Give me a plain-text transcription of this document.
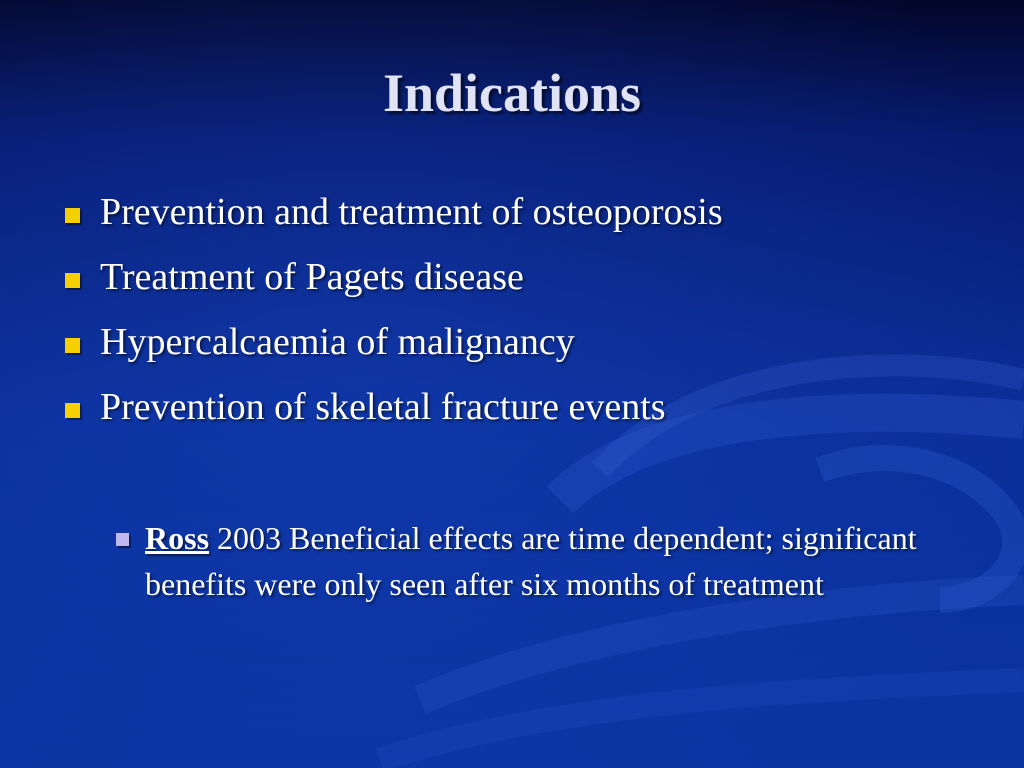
Indications
Prevention and treatment of osteoporosis
Treatment of Pagets disease
Hypercalcaemia of malignancy
Prevention of skeletal fracture events
Ross 2003 Beneficial effects are time dependent; significant benefits were only seen after six months of treatment
